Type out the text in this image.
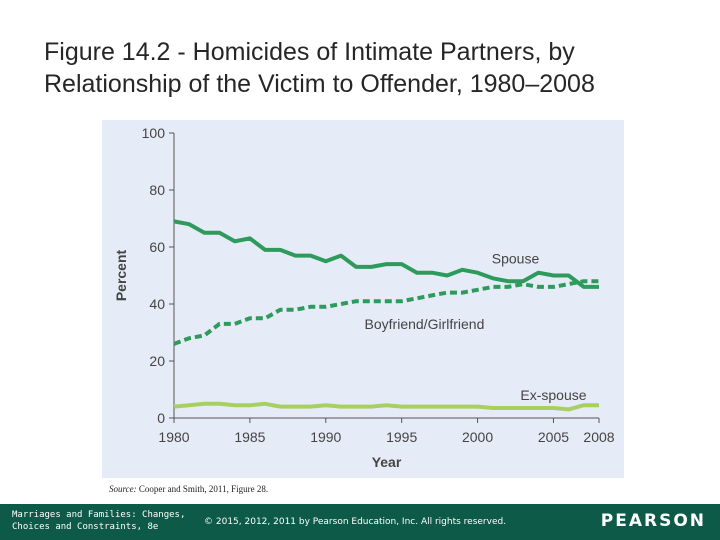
Figure 14.2 - Homicides of Intimate Partners, by Relationship of the Victim to Offender, 1980–2008
0
20
40
60
80
100
1980	1985	1990	1995	2000	2005 2008
Year
Percent	Spouse
Boyfriend/Girlfriend
Ex-spouse
Source: Cooper and Smith, 2011, Figure 28.
Marriages and Families: Changes,
Choices and Constraints, 8e	© 2015, 2012, 2011 by Pearson Education, Inc. All rights reserved.	PEARSON
